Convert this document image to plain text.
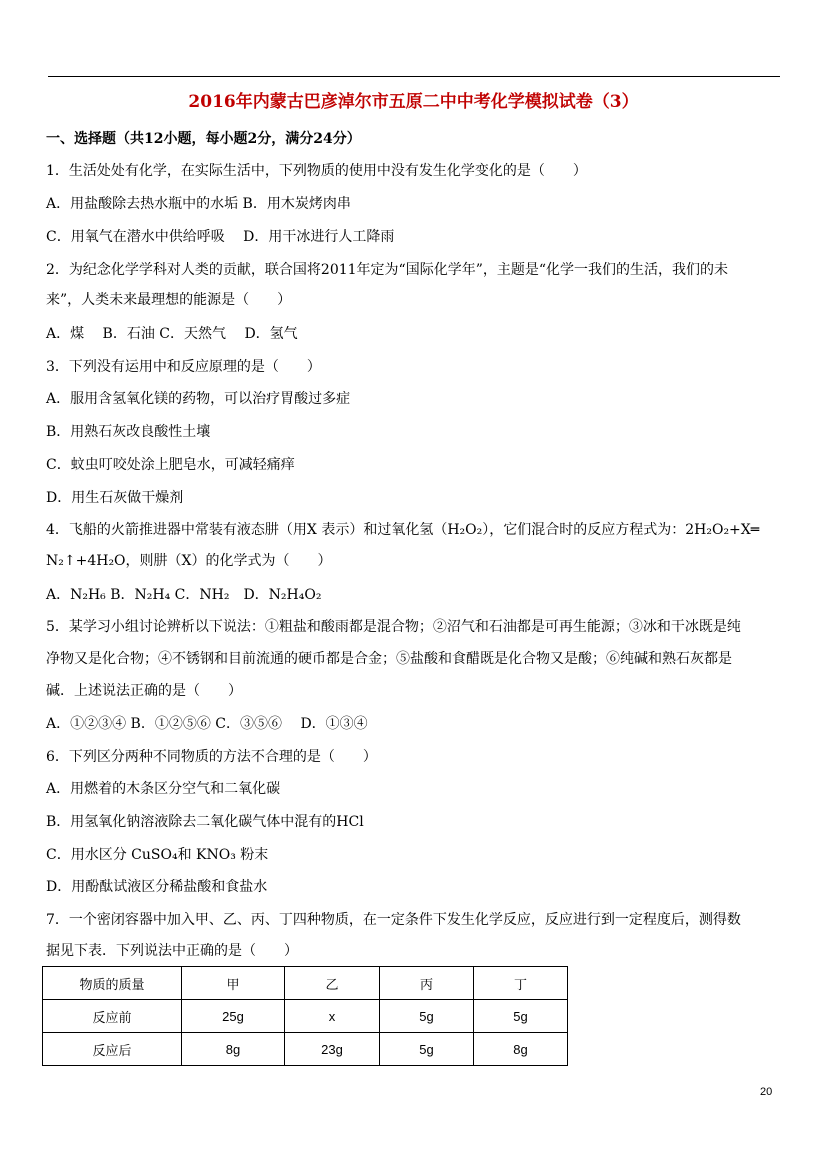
2016年内蒙古巴彦淖尔市五原二中中考化学模拟试卷（3）
一、选择题（共12小题，每小题2分，满分24分）
1．生活处处有化学，在实际生活中，下列物质的使用中没有发生化学变化的是（　　）
A．用盐酸除去热水瓶中的水垢 B．用木炭烤肉串
C．用氧气在潜水中供给呼吸　 D．用干冰进行人工降雨
2．为纪念化学学科对人类的贡献，联合国将2011年定为“国际化学年”，主题是“化学一我们的生活，我们的未
来”，人类未来最理想的能源是（　　）
A．煤　 B．石油 C．天然气　 D．氢气
3．下列没有运用中和反应原理的是（　　）
A．服用含氢氧化镁的药物，可以治疗胃酸过多症
B．用熟石灰改良酸性土壤
C．蚊虫叮咬处涂上肥皂水，可减轻痛痒
D．用生石灰做干燥剂
4．飞船的火箭推进器中常装有液态肼（用X 表示）和过氧化氢（H₂O₂），它们混合时的反应方程式为：2H₂O₂+X═
N₂↑+4H₂O，则肼（X）的化学式为（　　）
A．N₂H₆ B．N₂H₄ C．NH₂　D．N₂H₄O₂
5．某学习小组讨论辨析以下说法：①粗盐和酸雨都是混合物；②沼气和石油都是可再生能源；③冰和干冰既是纯
净物又是化合物；④不锈钢和目前流通的硬币都是合金；⑤盐酸和食醋既是化合物又是酸；⑥纯碱和熟石灰都是
碱．上述说法正确的是（　　）
A．①②③④ B．①②⑤⑥ C．③⑤⑥　 D．①③④
6．下列区分两种不同物质的方法不合理的是（　　）
A．用燃着的木条区分空气和二氧化碳
B．用氢氧化钠溶液除去二氧化碳气体中混有的HCl
C．用水区分 CuSO₄和 KNO₃ 粉末
D．用酚酞试液区分稀盐酸和食盐水
7．一个密闭容器中加入甲、乙、丙、丁四种物质，在一定条件下发生化学反应，反应进行到一定程度后，测得数
据见下表．下列说法中正确的是（　　）
物质的质量	甲	乙	丙	丁
反应前	25g	x	5g	5g
反应后	8g	23g	5g	8g
20
